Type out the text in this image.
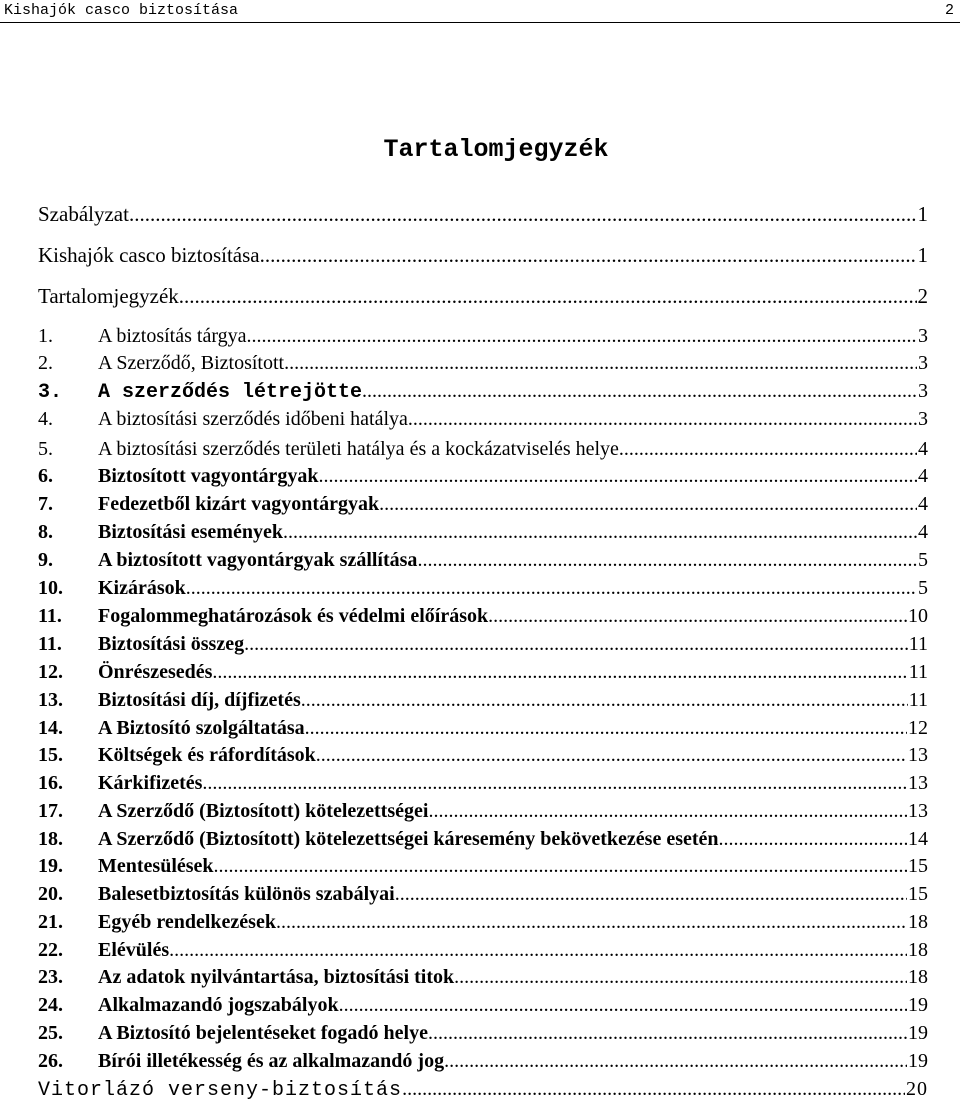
Kishajók casco biztosítása	2
Tartalomjegyzék
Szabályzat .....	1
Kishajók casco biztosítása .....	1
Tartalomjegyzék .....	2
1.	A biztosítás tárgya .....	3
2.	A Szerződő, Biztosított .....	3
3.	A szerződés létrejötte .....	3
4.	A biztosítási szerződés időbeni hatálya .....	3
5.	A biztosítási szerződés területi hatálya és a kockázatviselés helye .....	4
6.	Biztosított vagyontárgyak .....	4
7.	Fedezetből kizárt vagyontárgyak .....	4
8.	Biztosítási események .....	4
9.	A biztosított vagyontárgyak szállítása .....	5
10.	Kizárások .....	5
11.	Fogalommeghatározások és védelmi előírások .....	10
11.	Biztosítási összeg .....	11
12.	Önrészesedés .....	11
13.	Biztosítási díj, díjfizetés .....	11
14.	A Biztosító szolgáltatása .....	12
15.	Költségek és ráfordítások .....	13
16.	Kárkifizetés .....	13
17.	A Szerződő (Biztosított) kötelezettségei .....	13
18.	A Szerződő (Biztosított) kötelezettségei káresemény bekövetkezése esetén .....	14
19.	Mentesülések .....	15
20.	Balesetbiztosítás különös szabályai .....	15
21.	Egyéb rendelkezések .....	18
22.	Elévülés .....	18
23.	Az adatok nyilvántartása, biztosítási titok .....	18
24.	Alkalmazandó jogszabályok .....	19
25.	A Biztosító bejelentéseket fogadó helye .....	19
26.	Bírói illetékesség és az alkalmazandó jog .....	19
Vitorlázó verseny-biztosítás .....	20
